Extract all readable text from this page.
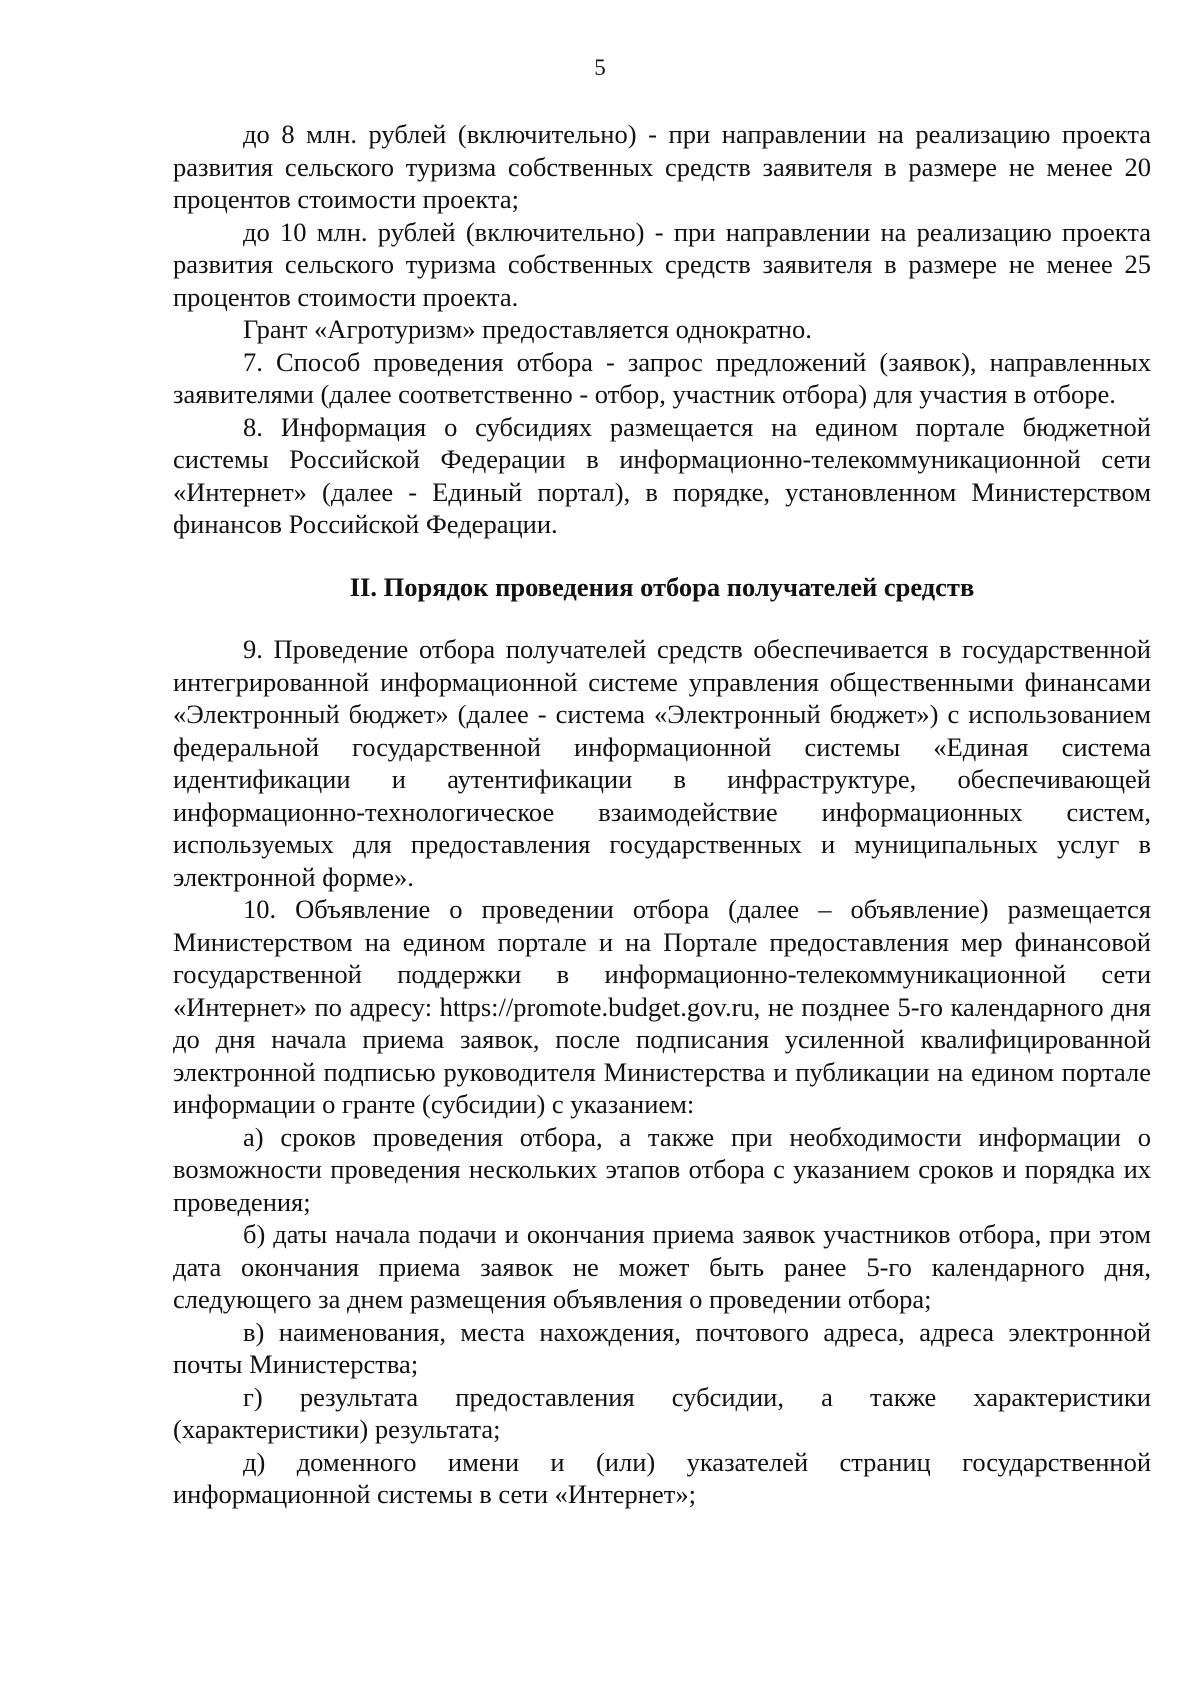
5

до 8 млн. рублей (включительно) - при направлении на реализацию проекта развития сельского туризма собственных средств заявителя в размере не менее 20 процентов стоимости проекта;

до 10 млн. рублей (включительно) - при направлении на реализацию проекта развития сельского туризма собственных средств заявителя в размере не менее 25 процентов стоимости проекта.

Грант «Агротуризм» предоставляется однократно.

7. Способ проведения отбора - запрос предложений (заявок), направленных заявителями (далее соответственно - отбор, участник отбора) для участия в отборе.

8. Информация о субсидиях размещается на едином портале бюджетной системы Российской Федерации в информационно-телекоммуникационной сети «Интернет» (далее - Единый портал), в порядке, установленном Министерством финансов Российской Федерации.

II. Порядок проведения отбора получателей средств

9. Проведение отбора получателей средств обеспечивается в государственной интегрированной информационной системе управления общественными финансами «Электронный бюджет» (далее - система «Электронный бюджет») с использованием федеральной государственной информационной системы «Единая система идентификации и аутентификации в инфраструктуре, обеспечивающей информационно-технологическое взаимодействие информационных систем, используемых для предоставления государственных и муниципальных услуг в электронной форме».

10. Объявление о проведении отбора (далее – объявление) размещается Министерством на едином портале и на Портале предоставления мер финансовой государственной поддержки в информационно-телекоммуникационной сети «Интернет» по адресу: https://promote.budget.gov.ru, не позднее 5-го календарного дня до дня начала приема заявок, после подписания усиленной квалифицированной электронной подписью руководителя Министерства и публикации на едином портале информации о гранте (субсидии) с указанием:

а) сроков проведения отбора, а также при необходимости информации о возможности проведения нескольких этапов отбора с указанием сроков и порядка их проведения;

б) даты начала подачи и окончания приема заявок участников отбора, при этом дата окончания приема заявок не может быть ранее 5-го календарного дня, следующего за днем размещения объявления о проведении отбора;

в) наименования, места нахождения, почтового адреса, адреса электронной почты Министерства;

г) результата предоставления субсидии, а также характеристики (характеристики) результата;

д) доменного имени и (или) указателей страниц государственной информационной системы в сети «Интернет»;
